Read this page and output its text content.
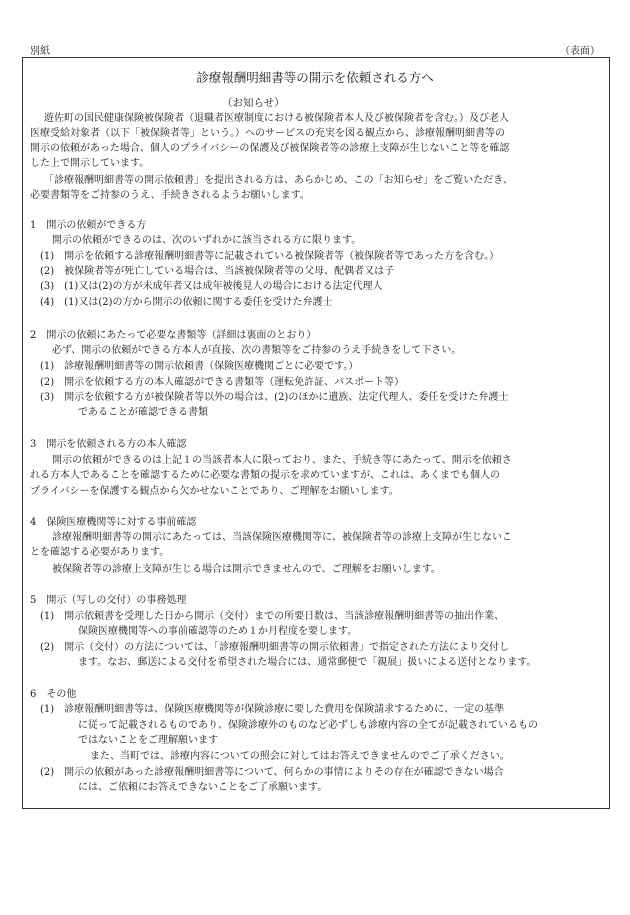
別紙	（表面）
診療報酬明細書等の開示を依頼される方へ
（お知らせ）
遊佐町の国民健康保険被保険者（退職者医療制度における被保険者本人及び被保険者を含む。）及び老人
医療受給対象者（以下「被保険者等」という。）へのサービスの充実を図る観点から、診療報酬明細書等の
開示の依頼があった場合、個人のプライバシーの保護及び被保険者等の診療上支障が生じないこと等を確認
した上で開示しています。
「診療報酬明細書等の開示依頼書」を提出される方は、あらかじめ、この「お知らせ」をご覧いただき、
必要書類等をご持参のうえ、手続きされるようお願いします。
1　開示の依頼ができる方
開示の依頼ができるのは、次のいずれかに該当される方に限ります。
(1)　開示を依頼する診療報酬明細書等に記載されている被保険者等（被保険者等であった方を含む。）
(2)　被保険者等が死亡している場合は、当該被保険者等の父母、配偶者又は子
(3)　(1)又は(2)の方が未成年者又は成年被後見人の場合における法定代理人
(4)　(1)又は(2)の方から開示の依頼に関する委任を受けた弁護士
2　開示の依頼にあたって必要な書類等（詳細は裏面のとおり）
必ず、開示の依頼ができる方本人が直接、次の書類等をご持参のうえ手続きをして下さい。
(1)　診療報酬明細書等の開示依頼書（保険医療機関ごとに必要です。）
(2)　開示を依頼する方の本人確認ができる書類等（運転免許証、パスポート等）
(3)　開示を依頼する方が被保険者等以外の場合は、(2)のほかに遺族、法定代理人、委任を受けた弁護士
であることが確認できる書類
3　開示を依頼される方の本人確認
開示の依頼ができるのは上記１の当該者本人に限っており、また、手続き等にあたって、開示を依頼さ
れる方本人であることを確認するために必要な書類の提示を求めていますが、これは、あくまでも個人の
プライバシーを保護する観点から欠かせないことであり、ご理解をお願いします。
4　保険医療機関等に対する事前確認
診療報酬明細書等の開示にあたっては、当該保険医療機関等に、被保険者等の診療上支障が生じないこ
とを確認する必要があります。
被保険者等の診療上支障が生じる場合は開示できませんので、ご理解をお願いします。
5　開示（写しの交付）の事務処理
(1)　開示依頼書を受理した日から開示（交付）までの所要日数は、当該診療報酬明細書等の抽出作業、
保険医療機関等への事前確認等のため１か月程度を要します。
(2)　開示（交付）の方法については、「診療報酬明細書等の開示依頼書」で指定された方法により交付し
ます。なお、郵送による交付を希望された場合には、通常郵便で「親展」扱いによる送付となります。
6　その他
(1)　診療報酬明細書等は、保険医療機関等が保険診療に要した費用を保険請求するために、一定の基準
に従って記載されるものであり、保険診療外のものなど必ずしも診療内容の全てが記載されているもの
ではないことをご理解願います
また、当町では、診療内容についての照会に対してはお答えできませんのでご了承ください。
(2)　開示の依頼があった診療報酬明細書等について、何らかの事情によりその存在が確認できない場合
には、ご依頼にお答えできないことをご了承願います。
